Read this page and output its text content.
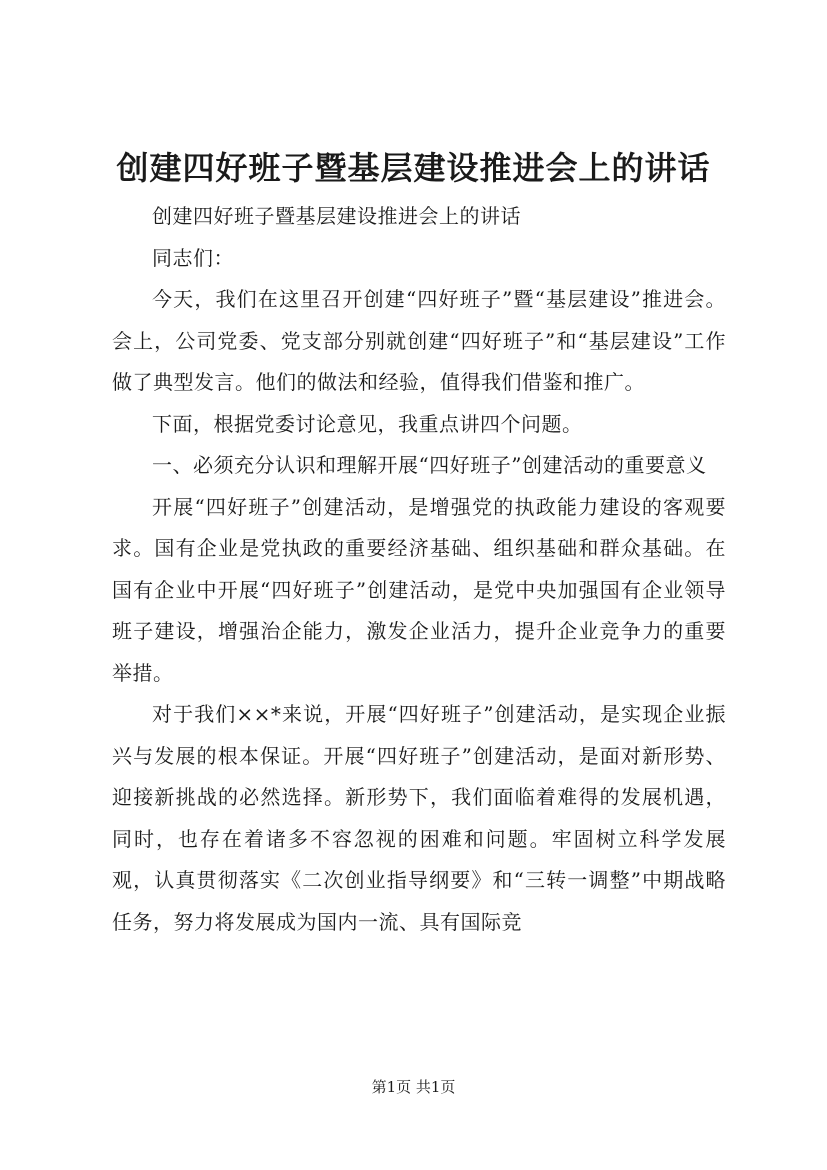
创建四好班子暨基层建设推进会上的讲话

创建四好班子暨基层建设推进会上的讲话

同志们：

今天，我们在这里召开创建“四好班子”暨“基层建设”推进会。会上，公司党委、党支部分别就创建“四好班子”和“基层建设”工作做了典型发言。他们的做法和经验，值得我们借鉴和推广。

下面，根据党委讨论意见，我重点讲四个问题。

一、必须充分认识和理解开展“四好班子”创建活动的重要意义

开展“四好班子”创建活动，是增强党的执政能力建设的客观要求。国有企业是党执政的重要经济基础、组织基础和群众基础。在国有企业中开展“四好班子”创建活动，是党中央加强国有企业领导班子建设，增强治企能力，激发企业活力，提升企业竞争力的重要举措。

对于我们××*来说，开展“四好班子”创建活动，是实现企业振兴与发展的根本保证。开展“四好班子”创建活动，是面对新形势、迎接新挑战的必然选择。新形势下，我们面临着难得的发展机遇，同时，也存在着诸多不容忽视的困难和问题。牢固树立科学发展观，认真贯彻落实《二次创业指导纲要》和“三转一调整”中期战略任务，努力将发展成为国内一流、具有国际竞

第1页 共1页
